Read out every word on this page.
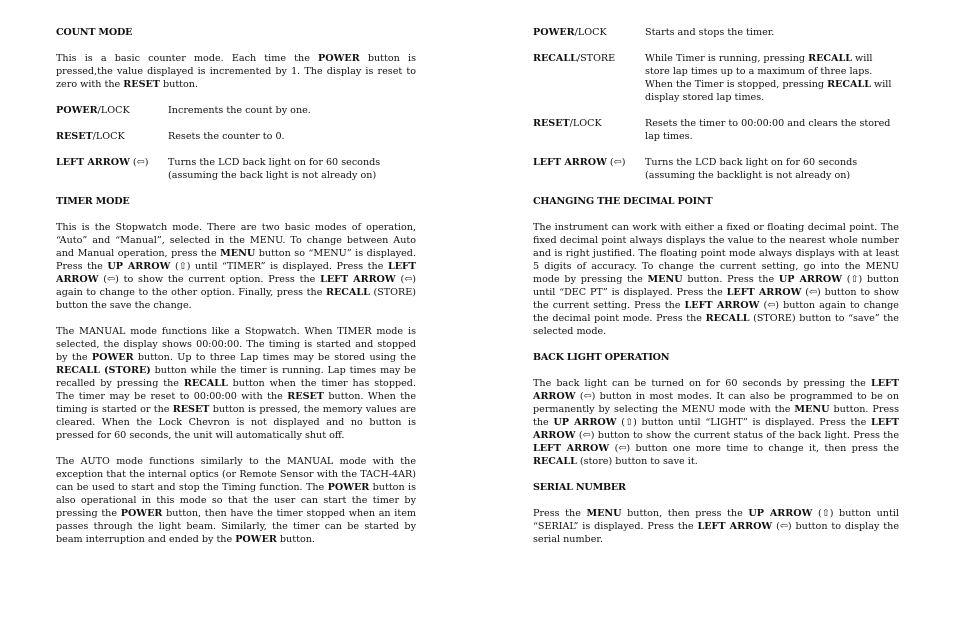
COUNT MODE

This is a basic counter mode. Each time the POWER button is pressed,the value displayed is incremented by 1. The display is reset to zero with the RESET button.

POWER/LOCK	Increments the count by one.
RESET/LOCK	Resets the counter to 0.
LEFT ARROW (⇦)	Turns the LCD back light on for 60 seconds (assuming the back light is not already on)
TIMER MODE

This is the Stopwatch mode. There are two basic modes of operation, “Auto” and “Manual”, selected in the MENU. To change between Auto and Manual operation, press the MENU button so “MENU” is displayed. Press the UP ARROW (⇧) until “TIMER” is displayed. Press the LEFT ARROW (⇦) to show the current option. Press the LEFT ARROW (⇦) again to change to the other option. Finally, press the RECALL (STORE) button the save the change.

The MANUAL mode functions like a Stopwatch. When TIMER mode is selected, the display shows 00:00:00. The timing is started and stopped by the POWER button. Up to three Lap times may be stored using the RECALL (STORE) button while the timer is running. Lap times may be recalled by pressing the RECALL button when the timer has stopped. The timer may be reset to 00:00:00 with the RESET button. When the timing is started or the RESET button is pressed, the memory values are cleared. When the Lock Chevron is not displayed and no button is pressed for 60 seconds, the unit will automatically shut off.

The AUTO mode functions similarly to the MANUAL mode with the exception that the internal optics (or Remote Sensor with the TACH-4AR) can be used to start and stop the Timing function. The POWER button is also operational in this mode so that the user can start the timer by pressing the POWER button, then have the timer stopped when an item passes through the light beam. Similarly, the timer can be started by beam interruption and ended by the POWER button.

POWER/LOCK	Starts and stops the timer.
RECALL/STORE	While Timer is running, pressing RECALL will store lap times up to a maximum of three laps. When the Timer is stopped, pressing RECALL will display stored lap times.
RESET/LOCK	Resets the timer to 00:00:00 and clears the stored lap times.
LEFT ARROW (⇦)	Turns the LCD back light on for 60 seconds (assuming the backlight is not already on)
CHANGING THE DECIMAL POINT

The instrument can work with either a fixed or floating decimal point. The fixed decimal point always displays the value to the nearest whole number and is right justified. The floating point mode always displays with at least 5 digits of accuracy. To change the current setting, go into the MENU mode by pressing the MENU button. Press the UP ARROW (⇧) button until “DEC PT” is displayed. Press the LEFT ARROW (⇦) button to show the current setting. Press the LEFT ARROW (⇦) button again to change the decimal point mode. Press the RECALL (STORE) button to “save” the selected mode.

BACK LIGHT OPERATION

The back light can be turned on for 60 seconds by pressing the LEFT ARROW (⇦) button in most modes. It can also be programmed to be on permanently by selecting the MENU mode with the MENU button. Press the UP ARROW (⇧) button until “LIGHT” is displayed. Press the LEFT ARROW (⇦) button to show the current status of the back light. Press the LEFT ARROW (⇦) button one more time to change it, then press the RECALL (store) button to save it.

SERIAL NUMBER

Press the MENU button, then press the UP ARROW (⇧) button until “SERIAL” is displayed. Press the LEFT ARROW (⇦) button to display the serial number.
